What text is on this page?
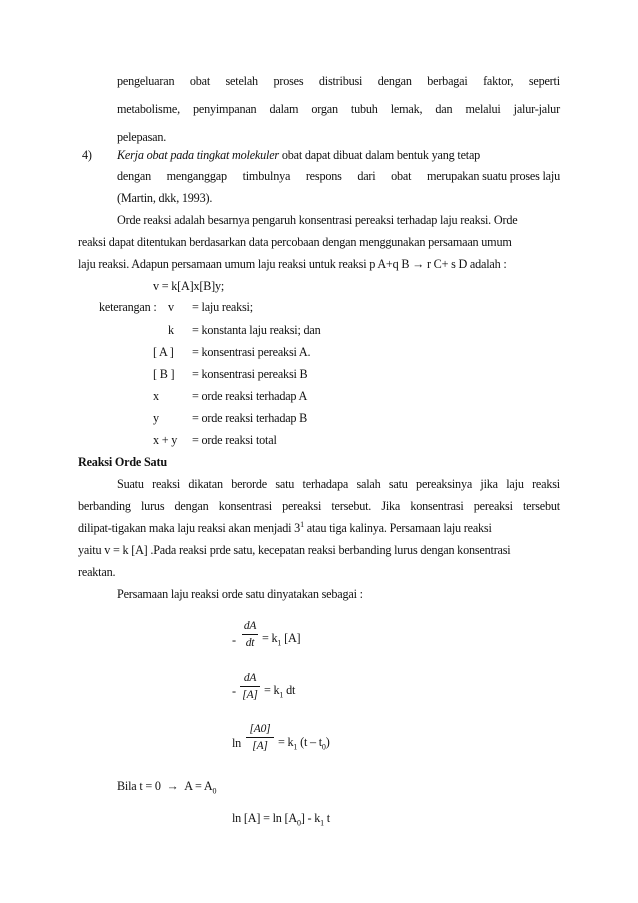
pengeluaran obat setelah proses distribusi dengan berbagai faktor, seperti
metabolisme, penyimpanan dalam organ tubuh lemak, dan melalui jalur-jalur
pelepasan.
4) Kerja obat pada tingkat molekuler obat dapat dibuat dalam bentuk yang tetap
dengan menganggap timbulnya respons dari obat merupakan suatu proses laju
(Martin, dkk, 1993).
Orde reaksi adalah besarnya pengaruh konsentrasi pereaksi terhadap laju reaksi. Orde
reaksi dapat ditentukan berdasarkan data percobaan dengan menggunakan persamaan umum
laju reaksi. Adapun persamaan umum laju reaksi untuk reaksi p A+q B → r C+ s D adalah :
v = k[A]x[B]y;
keterangan : v = laju reaksi;
k = konstanta laju reaksi; dan
[ A ] = konsentrasi pereaksi A.
[ B ] = konsentrasi pereaksi B
x	= orde reaksi terhadap A
y	= orde reaksi terhadap B
x + y = orde reaksi total
Reaksi Orde Satu
Suatu reaksi dikatan berorde satu terhadapa salah satu pereaksinya jika laju reaksi
berbanding lurus dengan konsentrasi pereaksi tersebut. Jika konsentrasi pereaksi tersebut
dilipat-tigakan maka laju reaksi akan menjadi $3^1$ atau tiga kalinya. Persamaan laju reaksi
yaitu v = k [A] .Pada reaksi prde satu, kecepatan reaksi berbanding lurus dengan konsentrasi
reaktan.
Persamaan laju reaksi orde satu dinyatakan sebagai :
-
dA
dt = $k_1$ [A]
-
dA
$[A] = k_1$ dt
ln
[A0]
$[A] = k_1$ $(t - t_0)$
Bila $t = 0 \to A = A_0$
$\ln [A] = \ln [A_0] - k_1$ t
